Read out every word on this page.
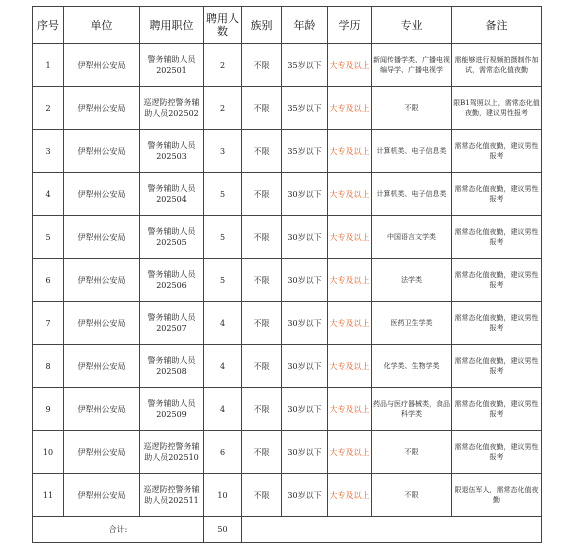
序号	单位	聘用职位	聘用人数	族别	年龄	学历	专业	备注
1	伊犁州公安局	警务辅助人员202501	2	不限	35岁以下	大专及以上	新闻传播学类、广播电视编导学、广播电视学	需能够进行视频拍摄制作加试，需常态化值夜勤
2	伊犁州公安局	巡逻防控警务辅助人员202502	2	不限	35岁以下	大专及以上	不限	限B1驾照以上，需常态化值夜勤，建议男性报考
3	伊犁州公安局	警务辅助人员202503	3	不限	35岁以下	大专及以上	计算机类、电子信息类	需常态化值夜勤，建议男性报考
4	伊犁州公安局	警务辅助人员202504	5	不限	30岁以下	大专及以上	计算机类、电子信息类	需常态化值夜勤，建议男性报考
5	伊犁州公安局	警务辅助人员202505	5	不限	30岁以下	大专及以上	中国语言文学类	需常态化值夜勤，建议男性报考
6	伊犁州公安局	警务辅助人员202506	5	不限	30岁以下	大专及以上	法学类	需常态化值夜勤，建议男性报考
7	伊犁州公安局	警务辅助人员202507	4	不限	30岁以下	大专及以上	医药卫生学类	需常态化值夜勤，建议男性报考
8	伊犁州公安局	警务辅助人员202508	4	不限	30岁以下	大专及以上	化学类、生物学类	需常态化值夜勤，建议男性报考
9	伊犁州公安局	警务辅助人员202509	4	不限	30岁以下	大专及以上	药品与医疗器械类，食品科学类	需常态化值夜勤，建议男性报考
10	伊犁州公安局	巡逻防控警务辅助人员202510	6	不限	30岁以下	大专及以上	不限	需常态化值夜勤，建议男性报考
11	伊犁州公安局	巡逻防控警务辅助人员202511	10	不限	30岁以下	大专及以上	不限	限退伍军人，需常态化值夜勤
合计:			50					
